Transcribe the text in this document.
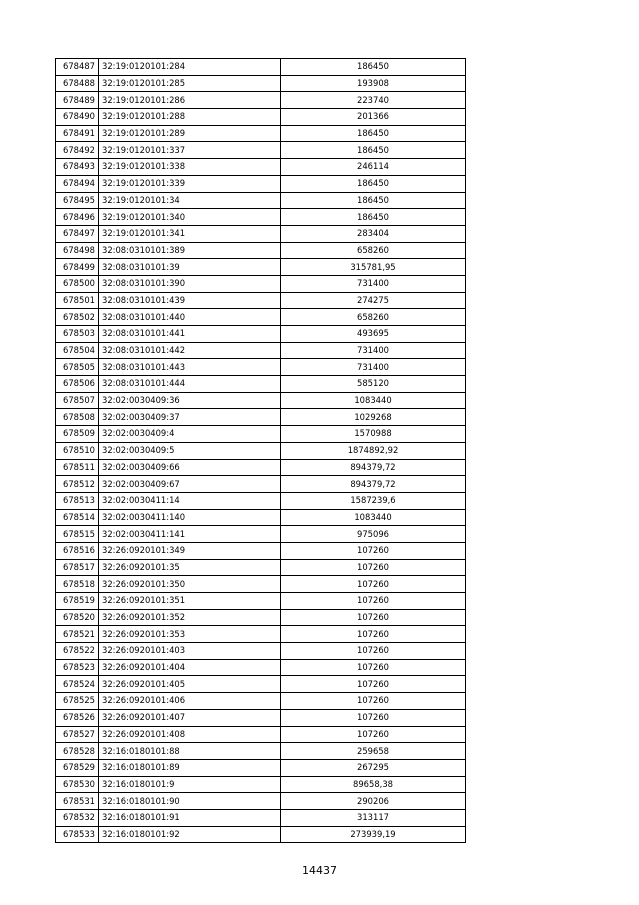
678487	32:19:0120101:284	186450
678488	32:19:0120101:285	193908
678489	32:19:0120101:286	223740
678490	32:19:0120101:288	201366
678491	32:19:0120101:289	186450
678492	32:19:0120101:337	186450
678493	32:19:0120101:338	246114
678494	32:19:0120101:339	186450
678495	32:19:0120101:34	186450
678496	32:19:0120101:340	186450
678497	32:19:0120101:341	283404
678498	32:08:0310101:389	658260
678499	32:08:0310101:39	315781,95
678500	32:08:0310101:390	731400
678501	32:08:0310101:439	274275
678502	32:08:0310101:440	658260
678503	32:08:0310101:441	493695
678504	32:08:0310101:442	731400
678505	32:08:0310101:443	731400
678506	32:08:0310101:444	585120
678507	32:02:0030409:36	1083440
678508	32:02:0030409:37	1029268
678509	32:02:0030409:4	1570988
678510	32:02:0030409:5	1874892,92
678511	32:02:0030409:66	894379,72
678512	32:02:0030409:67	894379,72
678513	32:02:0030411:14	1587239,6
678514	32:02:0030411:140	1083440
678515	32:02:0030411:141	975096
678516	32:26:0920101:349	107260
678517	32:26:0920101:35	107260
678518	32:26:0920101:350	107260
678519	32:26:0920101:351	107260
678520	32:26:0920101:352	107260
678521	32:26:0920101:353	107260
678522	32:26:0920101:403	107260
678523	32:26:0920101:404	107260
678524	32:26:0920101:405	107260
678525	32:26:0920101:406	107260
678526	32:26:0920101:407	107260
678527	32:26:0920101:408	107260
678528	32:16:0180101:88	259658
678529	32:16:0180101:89	267295
678530	32:16:0180101:9	89658,38
678531	32:16:0180101:90	290206
678532	32:16:0180101:91	313117
678533	32:16:0180101:92	273939,19
14437
